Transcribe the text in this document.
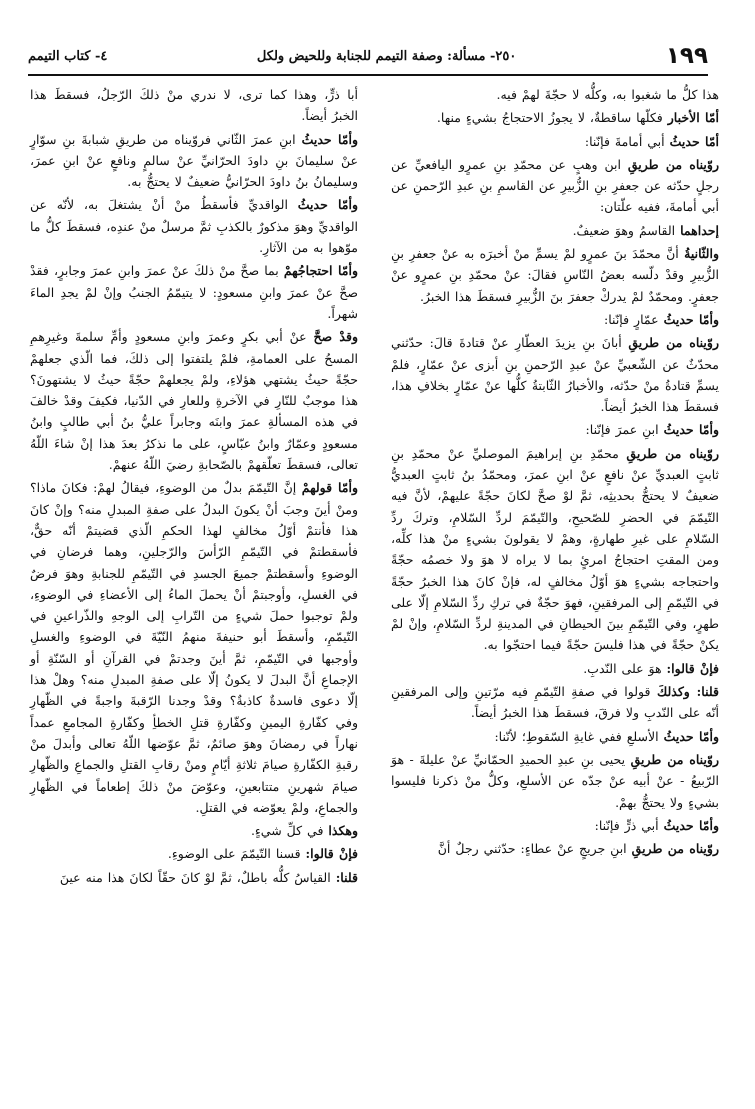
١٩٩
٢٥٠- مسألة: وصفة التيمم للجنابة وللحيض ولكل
٤- كتاب التيمم

هذا كلُّ ما شغبوا به، وكلُّه لا حجّةَ لهمْ فيه.

أمّا الأخبار فكلّها ساقطةٌ، لا يجوزُ الاحتجاجُ بشيءٍ منها.

أمّا حديثُ أبي أمامةَ فإنّنا:

روّيناه من طريقِ ابن وهبٍ عن محمّدِ بنِ عمرٍو اليافعيِّ عن رجلٍ حدّثه عن جعفرِ بنِ الزُّبيرِ عن القاسمِ بنِ عبدِ الرّحمنِ عن أبي أمامةَ، ففيه علّتان:

إحداهما القاسمُ وهوَ ضعيفٌ.

والثّانيةُ أنَّ محمّدَ بنَ عمرٍو لمْ يسمِّ منْ أخبرَه به عنْ جعفرِ بنِ الزُّبيرِ وقدْ دلّسه بعضُ النّاسِ فقالَ: عنْ محمّدِ بنِ عمرٍو عنْ جعفرٍ. ومحمّدٌ لمْ يدركْ جعفرَ بنَ الزُّبيرِ فسقطَ هذا الخبرُ.

وأمّا حديثُ عمّارٍ فإنّنا:

روّيناه من طريقِ أبانَ بنِ يزيدَ العطّارِ عنْ قتادةَ قالَ: حدّثني محدّثٌ عن الشّعبيِّ عنْ عبدِ الرّحمنِ بنِ أبزى عنْ عمّارٍ، فلمْ يسمِّ قتادةُ منْ حدّثه، والأخبارُ الثّابتةُ كلُّها عنْ عمّارٍ بخلافِ هذا، فسقطَ هذا الخبرُ أيضاً.

وأمّا حديثُ ابنِ عمرَ فإنّنا:

روّيناه من طريقِ محمّدِ بنِ إبراهيمَ الموصليِّ عنْ محمّدِ بنِ ثابتٍ العبديِّ عنْ نافعٍ عنْ ابنِ عمرَ، ومحمّدُ بنُ ثابتٍ العبديُّ ضعيفٌ لا يحتجُّ بحديثِه، ثمَّ لوْ صحَّ لكانَ حجّةً عليهمْ، لأنَّ فيه التّيمّمَ في الحضرِ للصّحيحِ، والتّيمّمَ لردِّ السّلامِ، وتركَ ردِّ السّلامِ على غيرِ طهارةٍ، وهمْ لا يقولونَ بشيءٍ منْ هذا كلِّه، ومن المقتِ احتجاجُ امرئٍ بما لا يراه لا هوَ ولا خصمُه حجّةً واحتجاجه بشيءٍ هوَ أوّلُ مخالفٍ له، فإنْ كانَ هذا الخبرُ حجّةً في التّيمّمِ إلى المرفقينِ، فهوَ حجّةٌ في تركِ ردِّ السّلامِ إلّا على طهرٍ، وفي التّيمّمِ بينَ الحيطانِ في المدينةِ لردِّ السّلامِ، وإنْ لمْ يكنْ حجّةً في هذا فليسَ حجّةً فيما احتجّوا به.

فإنْ قالوا: هوَ على النّدبِ.

قلنا: وكذلكَ قولوا في صفةِ التّيمّمِ فيه مرّتينِ وإلى المرفقينِ أنّه على النّدبِ ولا فرقَ، فسقطَ هذا الخبرُ أيضاً.

وأمّا حديثُ الأسلعِ ففي غايةِ السّقوطِ؛ لأنّنا:

روّيناه من طريقِ يحيى بنِ عبدِ الحميدِ الحمّانيِّ عنْ عليلةَ - هوَ الرّبيعُ - عنْ أبيه عنْ جدّه عن الأسلعِ، وكلُّ منْ ذكرنا فليسوا بشيءٍ ولا يحتجُّ بهمْ.

وأمّا حديثُ أبي ذرٍّ فإنّنا:

روّيناه من طريقِ ابنِ جريجٍ عنْ عطاءٍ: حدّثني رجلٌ أنَّ

أبا ذرٍّ، وهذا كما ترى، لا ندري منْ ذلكَ الرّجلُ، فسقطَ هذا الخبرُ أيضاً.

وأمّا حديثُ ابنِ عمرَ الثّاني فروّيناه من طريقِ شبابةَ بنِ سوّارٍ عنْ سليمانَ بنِ داودَ الحرّانيِّ عنْ سالمٍ ونافعٍ عنْ ابنِ عمرَ، وسليمانُ بنُ داودَ الحرّانيُّ ضعيفٌ لا يحتجُّ به.

وأمّا حديثُ الواقديِّ فأسقطُ منْ أنْ يشتغلَ به، لأنّه عن الواقديِّ وهوَ مذكورٌ بالكذبِ ثمَّ مرسلٌ منْ عندِه، فسقطَ كلُّ ما موّهوا به من الآثارِ.

وأمّا احتجاجُهمْ بما صحَّ منْ ذلكَ عنْ عمرَ وابنِ عمرَ وجابرٍ، فقدْ صحَّ عنْ عمرَ وابنِ مسعودٍ: لا يتيمّمُ الجنبُ وإنْ لمْ يجدِ الماءَ شهراً.

وقدْ صحَّ عنْ أبي بكرٍ وعمرَ وابنِ مسعودٍ وأمِّ سلمةَ وغيرِهمِ المسحُ على العمامةِ، فلمْ يلتفتوا إلى ذلكَ، فما الّذي جعلهمْ حجّةً حيثُ يشتهي هؤلاءِ، ولمْ يجعلهمْ حجّةً حيثُ لا يشتهونَ؟ هذا موجبٌ للنّارِ في الآخرةِ وللعارِ في الدّنيا، فكيفَ وقدْ خالفَ في هذه المسألةِ عمرَ وابنَه وجابراً عليُّ بنُ أبي طالبٍ وابنُ مسعودٍ وعمّارٌ وابنُ عبّاسٍ، على ما نذكرُ بعدَ هذا إنْ شاءَ اللّهُ تعالى، فسقطَ تعلّقهمْ بالصّحابةِ رضيَ اللّهُ عنهمْ.

وأمّا قولهمْ إنَّ التّيمّمَ بدلٌ من الوضوءِ، فيقالُ لهمْ: فكانَ ماذا؟ ومنْ أينَ وجبَ أنْ يكونَ البدلُ على صفةِ المبدلِ منه؟ وإنْ كانَ هذا فأنتمْ أوّلُ مخالفٍ لهذا الحكمِ الّذي قضيتمْ أنّه حقٌّ، فأسقطتمْ في التّيمّمِ الرّأسَ والرّجلينِ، وهما فرضانِ في الوضوءِ وأسقطتمْ جميعَ الجسدِ في التّيمّمِ للجنابةِ وهوَ فرضٌ في الغسلِ، وأوجبتمْ أنْ يحملَ الماءُ إلى الأعضاءِ في الوضوءِ، ولمْ توجبوا حملَ شيءٍ من التّرابِ إلى الوجهِ والذّراعينِ في التّيمّمِ، وأسقطَ أبو حنيفةَ منهمُ النّيّةَ في الوضوءِ والغسلِ وأوجبها في التّيمّمِ، ثمَّ أينَ وجدتمْ في القرآنِ أو السّنّةِ أو الإجماعِ أنَّ البدلَ لا يكونُ إلّا على صفةِ المبدلِ منه؟ وهلْ هذا إلّا دعوى فاسدةٌ كاذبةٌ؟ وقدْ وجدنا الرّقبةَ واجبةً في الظّهارِ وفي كفّارةِ اليمينِ وكفّارةِ قتلِ الخطأِ وكفّارةِ المجامعِ عمداً نهاراً في رمضانَ وهوَ صائمٌ، ثمَّ عوّضها اللّهُ تعالى وأبدلَ منْ رقبةِ الكفّارةِ صيامَ ثلاثةِ أيّامٍ ومنْ رقابِ القتلِ والجماعِ والظّهارِ صيامَ شهرينِ متتابعينِ، وعوّضَ منْ ذلكَ إطعاماً في الظّهارِ والجماعِ، ولمْ يعوّضه في القتلِ.

وهكذا في كلِّ شيءٍ.

فإنْ قالوا: قسنا التّيمّمَ على الوضوءِ.

قلنا: القياسُ كلُّه باطلٌ، ثمَّ لوْ كانَ حقّاً لكانَ هذا منه عينَ
